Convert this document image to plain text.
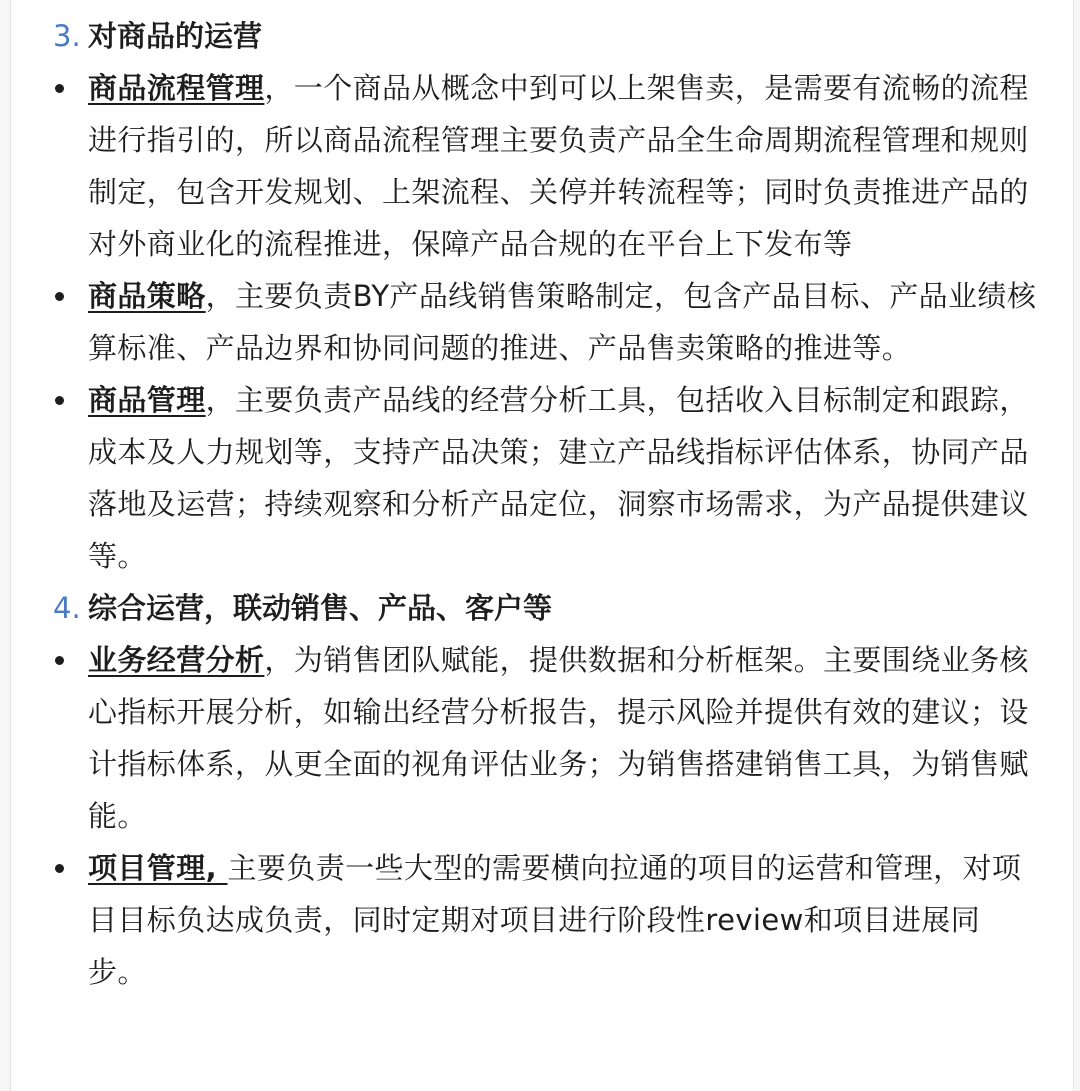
3. 对商品的运营
商品流程管理，一个商品从概念中到可以上架售卖，是需要有流畅的流程进行指引的，所以商品流程管理主要负责产品全生命周期流程管理和规则制定，包含开发规划、上架流程、关停并转流程等；同时负责推进产品的对外商业化的流程推进，保障产品合规的在平台上下发布等
商品策略，主要负责BY产品线销售策略制定，包含产品目标、产品业绩核算标准、产品边界和协同问题的推进、产品售卖策略的推进等。
商品管理，主要负责产品线的经营分析工具，包括收入目标制定和跟踪，成本及人力规划等，支持产品决策；建立产品线指标评估体系，协同产品落地及运营；持续观察和分析产品定位，洞察市场需求，为产品提供建议等。
4. 综合运营，联动销售、产品、客户等
业务经营分析，为销售团队赋能，提供数据和分析框架。主要围绕业务核心指标开展分析，如输出经营分析报告，提示风险并提供有效的建议；设计指标体系，从更全面的视角评估业务；为销售搭建销售工具，为销售赋能。
项目管理, 主要负责一些大型的需要横向拉通的项目的运营和管理，对项目目标负达成负责，同时定期对项目进行阶段性review和项目进展同步。
